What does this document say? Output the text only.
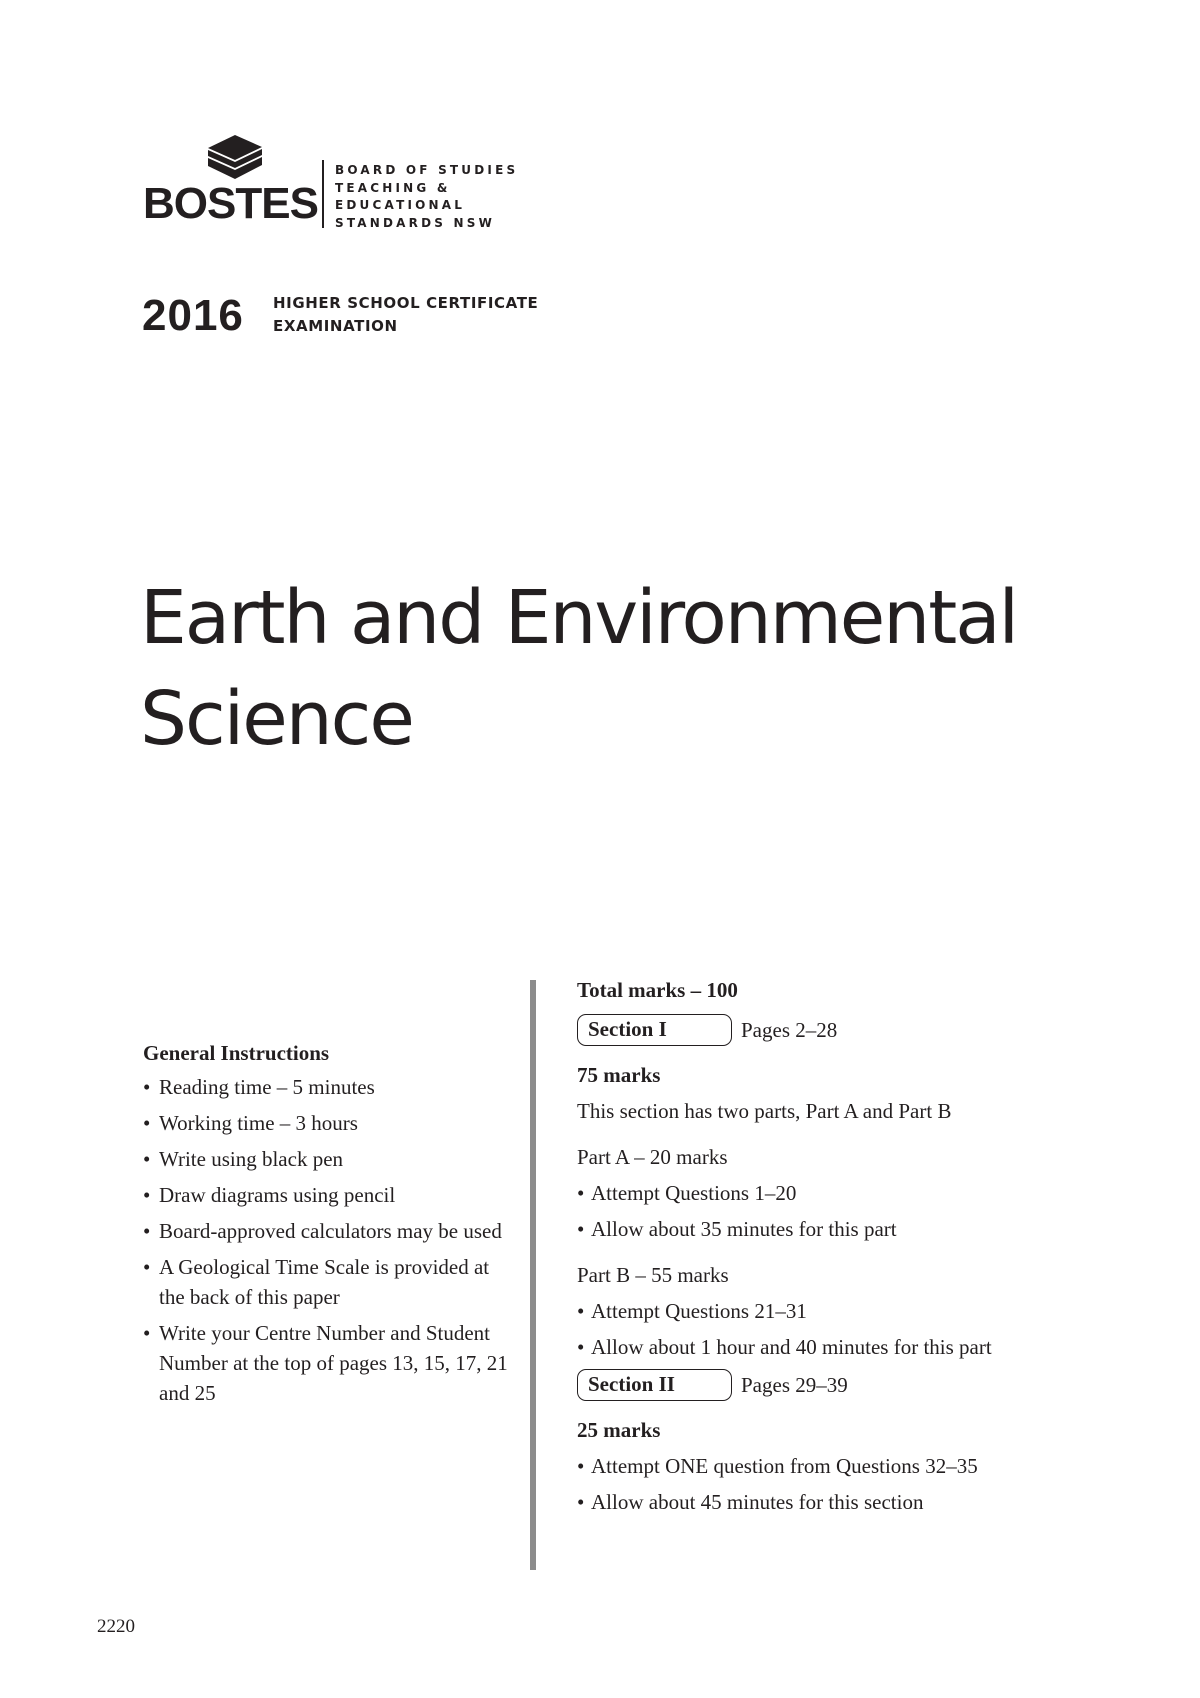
BOSTES
BOARD OF STUDIES
TEACHING &
EDUCATIONAL
STANDARDS NSW
2016 HIGHER SCHOOL CERTIFICATE
EXAMINATION
Earth and Environmental
Science
General Instructions
• Reading time – 5 minutes
• Working time – 3 hours
• Write using black pen
• Draw diagrams using pencil
• Board-approved calculators may be used
• A Geological Time Scale is provided at the back of this paper
• Write your Centre Number and Student Number at the top of pages 13, 15, 17, 21 and 25
Total marks – 100
Section I	Pages 2–28
75 marks
This section has two parts, Part A and Part B
Part A – 20 marks
• Attempt Questions 1–20
• Allow about 35 minutes for this part
Part B – 55 marks
• Attempt Questions 21–31
• Allow about 1 hour and 40 minutes for this part
Section II	Pages 29–39
25 marks
• Attempt ONE question from Questions 32–35
• Allow about 45 minutes for this section
2220
